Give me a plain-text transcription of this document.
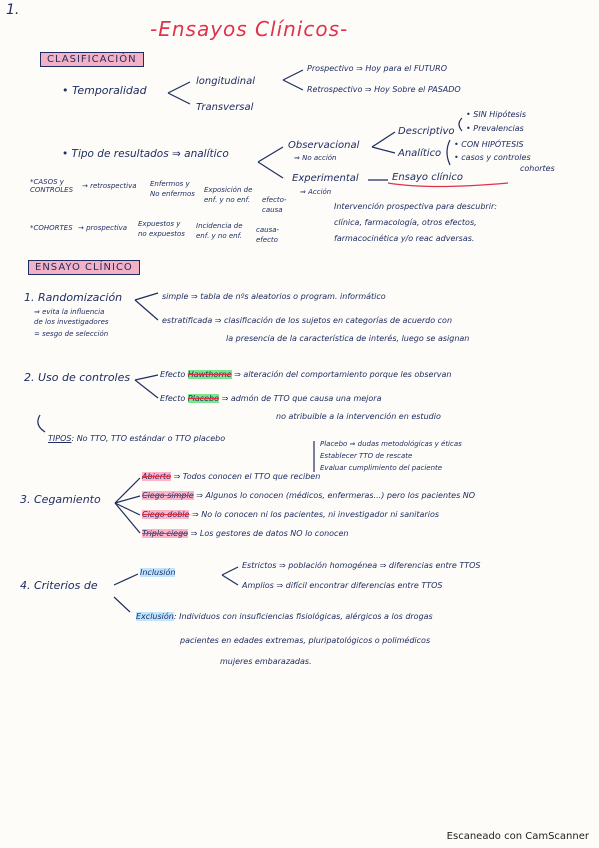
1.
-Ensayos Clínicos-
CLASIFICACIÓN
• Temporalidad
longitudinal
Transversal
Prospectivo ⇒ Hoy para el FUTURO
Retrospectivo ⇒ Hoy Sobre el PASADO
• Tipo de resultados ⇒ analítico
Observacional
⇒ No acción
Descriptivo
Analítico
• SIN Hipótesis
• Prevalencias
• CON HIPÓTESIS
• casos y controles
cohortes
Experimental
⇒ Acción
Ensayo clínico
Intervención prospectiva para descubrir:
clínica, farmacología, otros efectos,
farmacocinética y/o reac adversas.
*CASOS y CONTROLES
→ retrospectiva Enfermos y
No enfermos Exposición de
enf. y no enf. efecto-
causa
*COHORTES → prospectiva Expuestos y
no expuestos
Incidencia de
enf. y no enf.
causa-
efecto
ENSAYO CLÍNICO
1. Randomización
⇒ evita la influencia
de los investigadores
= sesgo de selección
simple ⇒ tabla de nºs aleatorios o program. informático
estratificada ⇒ clasificación de los sujetos en categorías de acuerdo con
la presencia de la característica de interés, luego se asignan
2. Uso de controles	Efecto Hawthorne ⇒ alteración del comportamiento porque les observan
Efecto Placebo ⇒ admón de TTO que causa una mejora
no atribuible a la intervención en estudio
TIPOS: No TTO, TTO estándar o TTO placebo
Placebo ⇒ dudas metodológicas y éticas
Establecer TTO de rescate
Evaluar cumplimiento del paciente
3. Cegamiento
Abierto ⇒ Todos conocen el TTO que reciben
Ciego simple ⇒ Algunos lo conocen (médicos, enfermeras...) pero los pacientes NO
Ciego doble ⇒ No lo conocen ni los pacientes, ni investigador ni sanitarios
Triple ciego ⇒ Los gestores de datos NO lo conocen
4. Criterios de
Inclusión
Estrictos ⇒ población homogénea ⇒ diferencias entre TTOS
Amplios ⇒ difícil encontrar diferencias entre TTOS
Exclusión: Individuos con insuficiencias fisiológicas, alérgicos a los drogas
pacientes en edades extremas, pluripatológicos o polimédicos
mujeres embarazadas.
Escaneado con CamScanner
